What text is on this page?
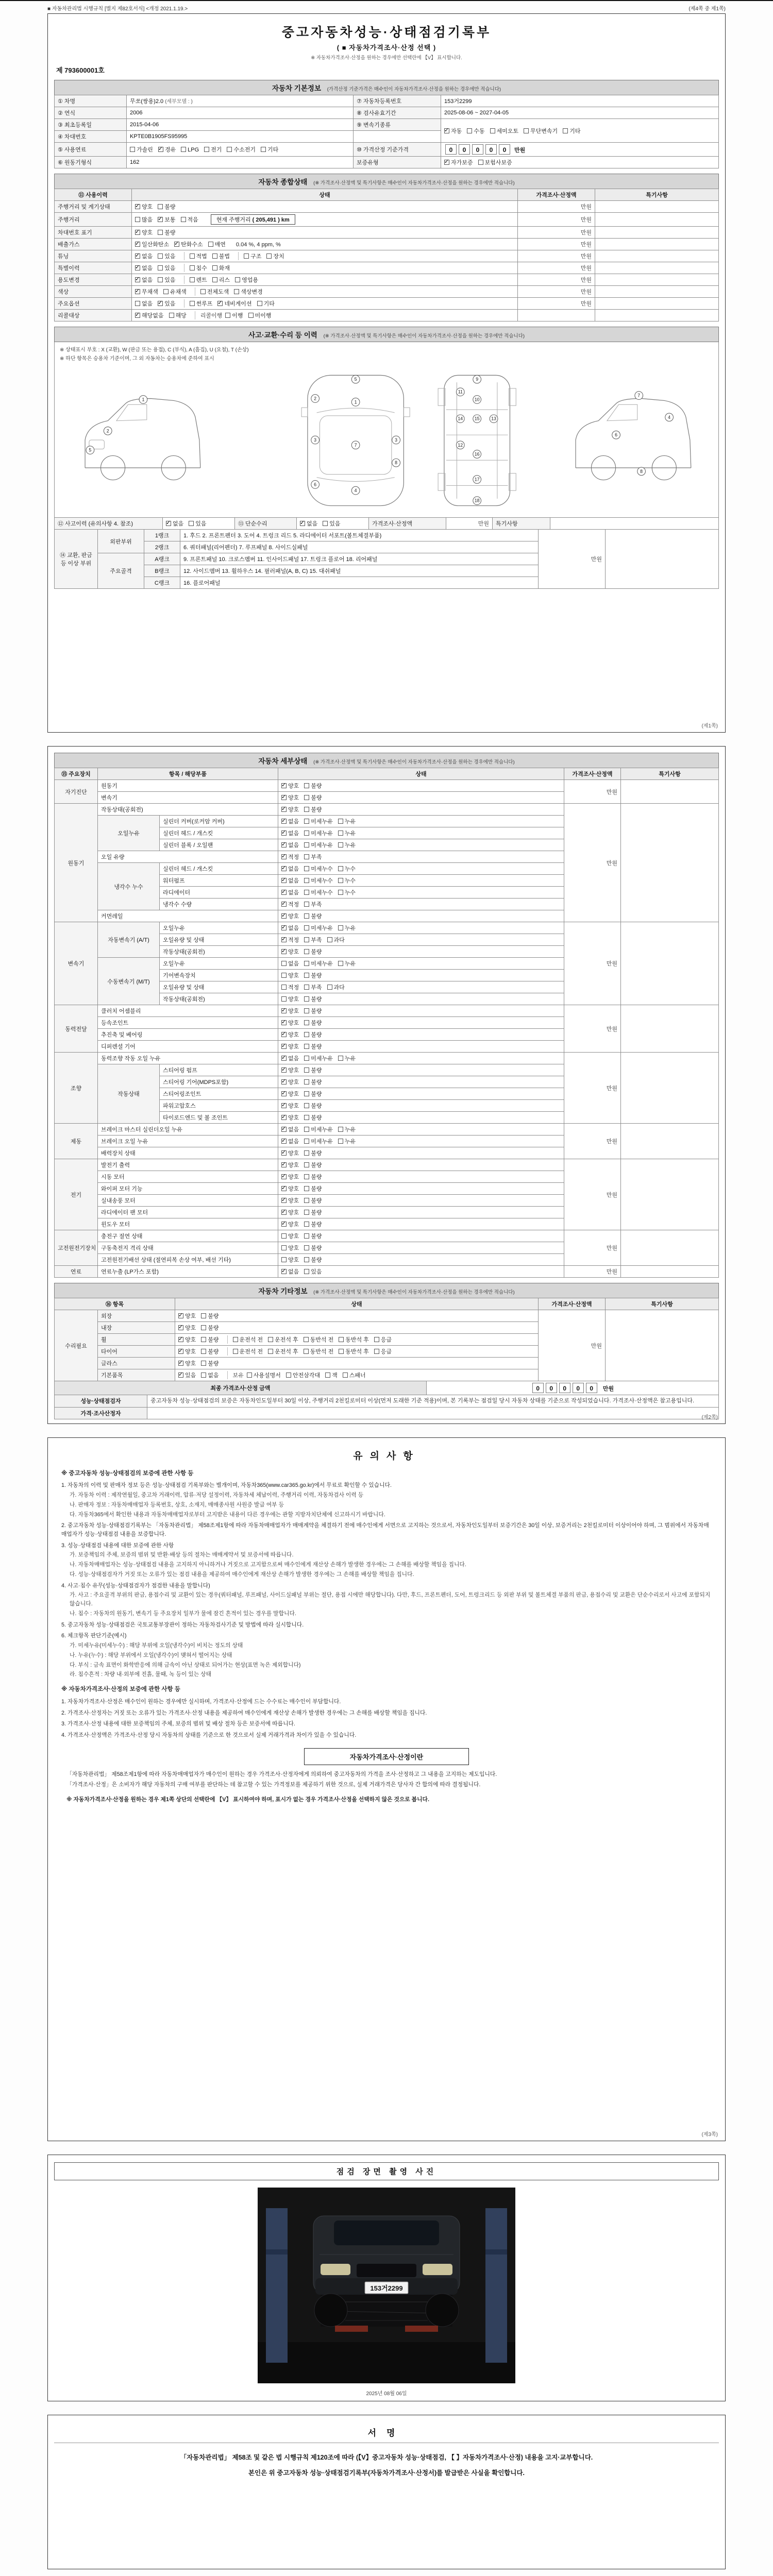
■ 자동차관리법 시행규칙 [별지 제82호서식] <개정 2021.1.19.>	(제4쪽 중 제1쪽)
중고자동차성능·상태점검기록부
( ■ 자동차가격조사·산정 선택 )
※ 자동차가격조사·산정을 원하는 경우에만 선택란에 【V】 표시합니다.
제 793600001호
자동차 기본정보 (가격산정 기준가격은 매수인이 자동차가격조사·산정을 원하는 경우에만 적습니다)
① 차명	무쏘(쌍용)2.0 (세부모델 : )	⑦ 자동차등록번호	153거2299
② 연식	2006	⑧ 검사유효기간	2025-08-06 ~ 2027-04-05
③ 최초등록일	2015-04-06	⑨ 변속기종류	✓자동 수동 세미오토 무단변속기 기타
④ 차대번호	KPTE0B1905FS95995		
⑤ 사용연료	가솔린 ✓ 경유 LPG 전기 수소전기 기타	⑩ 가격산정 기준가격	0 0 0 0 0 만원
⑥ 원동기형식	162	보증유형	✓자가보증 보험사보증
자동차 종합상태 (※ 가격조사·산정액 및 특기사항은 매수인이 자동차가격조사·산정을 원하는 경우에만 적습니다)
⑪ 사용이력	상태	가격조사·산정액	특기사항
주행거리 및 계기상태	✓양호 불량	만원	
주행거리	많음 ✓ 보통 적음 현재 주행거리 ( 205,491 ) km	만원	
차대번호 표기	✓양호 불량	만원	
배출가스	✓일산화탄소 ✓ 탄화수소 매연 0.04 %, 4 ppm, %	만원	
튜닝	✓없음 있음 적법 불법 구조 장치	만원	
특별이력	✓없음 있음 침수 화재	만원	
용도변경	✓없음 있음 렌트 리스 영업용	만원	
색상	✓무채색 유채색 전체도색 색상변경	만원	
주요옵션	없음 ✓ 있음 썬루프 ✓ 네비게이션 기타	만원	
리콜대상	✓해당없음 해당 리콜이행 이행 미이행		
사고·교환·수리 등 이력 (※ 가격조사·산정액 및 특기사항은 매수인이 자동차가격조사·산정을 원하는 경우에만 적습니다)
※ 상태표시 부호 : X (교환), W (판금 또는 용접), C (부식), A (흠집), U (요철), T (손상)
※ 하단 항목은 승용차 기준이며, 그 외 자동차는 승용차에 준하여 표시
5
1
2
3	3
7
6
4
8
9
10
11
14	15	13
12
16
17
18
1
2
5
7
4
6
8
⑫ 사고이력 (유의사항 4. 참조)	✓없음 있음	⑬ 단순수리	✓없음 있음	가격조사·산정액	만원	특기사항	
⑭ 교환, 판금 등 이상 부위	외판부위	1랭크	1. 후드 2. 프론트펜더 3. 도어 4. 트렁크 리드 5. 라디에이터 서포트(볼트체결부품)	만원	
		2랭크	6. 쿼터패널(리어펜더) 7. 루프패널 8. 사이드실패널		
	주요골격	A랭크	9. 프론트패널 10. 크로스멤버 11. 인사이드패널 17. 트렁크 플로어 18. 리어패널		
		B랭크	12. 사이드멤버 13. 휠하우스 14. 필러패널(A, B, C) 15. 대쉬패널		
		C랭크	16. 플로어패널		
(제1쪽)
자동차 세부상태 (※ 가격조사·산정액 및 특기사항은 매수인이 자동차가격조사·산정을 원하는 경우에만 적습니다)
⑮ 주요장치	항목 / 해당부품		상태	가격조사·산정액	특기사항
자기진단	원동기	✓양호 불량	만원	
	변속기	✓양호 불량
원동기	작동상태(공회전)	✓양호 불량	만원	
	오일누유	실린더 커버(로커암 커버)	✓없음 미세누유 누유
		실린더 헤드 / 개스킷	✓없음 미세누유 누유
		실린더 블록 / 오일팬	✓없음 미세누유 누유
	오일 유량	✓적정 부족
	냉각수 누수	실린더 헤드 / 개스킷	✓없음 미세누수 누수
		워터펌프	✓없음 미세누수 누수
		라디에이터	✓없음 미세누수 누수
		냉각수 수량	✓적정 부족
	커먼레일	✓양호 불량
변속기	자동변속기 (A/T)	오일누유	✓없음 미세누유 누유	만원	
		오일유량 및 상태	✓적정 부족 과다
		작동상태(공회전)	✓양호 불량
	수동변속기 (M/T)	오일누유	없음 미세누유 누유		
		기어변속장치	양호 불량		
		오일유량 및 상태	적정 부족 과다		
		작동상태(공회전)	양호 불량		
동력전달	클러치 어셈블리	✓양호 불량	만원	
	등속조인트	✓양호 불량
	추진축 및 베어링	✓양호 불량
	디퍼렌셜 기어	✓양호 불량
조향	동력조향 작동 오일 누유	✓없음 미세누유 누유	만원	
	작동상태	스티어링 펌프	✓양호 불량
		스티어링 기어(MDPS포함)	✓양호 불량
		스티어링조인트	✓양호 불량
		파워고압호스	✓양호 불량
		타이로드엔드 및 볼 조인트	✓양호 불량
제동	브레이크 마스터 실린더오일 누유	✓없음 미세누유 누유	만원	
	브레이크 오일 누유	✓없음 미세누유 누유
	배력장치 상태	✓양호 불량
전기	발전기 출력	✓양호 불량	만원	
	시동 모터	✓양호 불량
	와이퍼 모터 기능	✓양호 불량
	실내송풍 모터	✓양호 불량
	라디에이터 팬 모터	✓양호 불량
	윈도우 모터	✓양호 불량
고전원전기장치	충전구 절연 상태		양호 불량	만원	
	구동축전지 격리 상태		양호 불량		
	고전원전기배선 상태 (절연피복 손상 여부, 배선 기타)		양호 불량		
연료	연료누출 (LP가스 포함)	✓없음 있음	만원	
자동차 기타정보 (※ 가격조사·산정액 및 특기사항은 매수인이 자동차가격조사·산정을 원하는 경우에만 적습니다)
⑯ 항목		상태	가격조사·산정액	특기사항
수리필요	외장	✓양호 불량	만원	
	내장	✓양호 불량
	휠	✓양호 불량 운전석 전 운전석 후 동반석 전 동반석 후 응급
	타이어	✓양호 불량 운전석 전 운전석 후 동반석 전 동반석 후 응급
	글라스	✓양호 불량
	기본품목	✓있음 없음 보유 사용설명서 안전삼각대 잭 스패너
최종 가격조사·산정 금액	0 0 0 0 0 만원
성능·상태점검자	중고자동차 성능·상태점검의 보증은 자동차인도일부터 30일 이상, 주행거리 2천킬로미터 이상(먼저 도래한 기준 적용)이며, 본 기록부는 점검일 당시 자동차 상태를 기준으로 작성되었습니다. 가격조사·산정액은 참고용입니다.
가격·조사산정자	
(제2쪽)
유의사항
※ 중고자동차 성능·상태점검의 보증에 관한 사항 등
1. 자동차의 이력 및 판매자 정보 등은 성능·상태점검 기록부와는 별개이며, 자동차365(www.car365.go.kr)에서 무료로 확인할 수 있습니다.
가. 자동차 이력 : 제작연월일, 중고차 거래이력, 압류·저당 설정이력, 자동차세 체납이력, 주행거리 이력, 자동차검사 이력 등
나. 판매자 정보 : 자동차매매업자 등록번호, 상호, 소재지, 매매종사원 사원증 발급 여부 등
다. 자동차365에서 확인한 내용과 자동차매매업자로부터 고지받은 내용이 다른 경우에는 관할 지방자치단체에 신고하시기 바랍니다.
2. 중고자동차 성능·상태점검기록부는 「자동차관리법」 제58조제1항에 따라 자동차매매업자가 매매계약을 체결하기 전에 매수인에게 서면으로 고지하는 것으로서, 자동차인도일부터 보증기간은 30일 이상, 보증거리는 2천킬로미터 이상이어야 하며, 그 범위에서 자동차매매업자가 성능·상태점검 내용을 보증합니다.
3. 성능·상태점검 내용에 대한 보증에 관한 사항
가. 보증책임의 주체, 보증의 범위 및 반환·배상 등의 절차는 매매계약서 및 보증서에 따릅니다.
나. 자동차매매업자는 성능·상태점검 내용을 고지하지 아니하거나 거짓으로 고지함으로써 매수인에게 재산상 손해가 발생한 경우에는 그 손해를 배상할 책임을 집니다.
다. 성능·상태점검자가 거짓 또는 오류가 있는 점검 내용을 제공하여 매수인에게 재산상 손해가 발생한 경우에는 그 손해를 배상할 책임을 집니다.
4. 사고·침수 유무(성능·상태점검자가 점검한 내용을 말합니다)
가. 사고 : 주요골격 부위의 판금, 용접수리 및 교환이 있는 경우(쿼터패널, 루프패널, 사이드실패널 부위는 절단, 용접 시에만 해당합니다). 다만, 후드, 프론트펜더, 도어, 트렁크리드 등 외판 부위 및 볼트체결 부품의 판금, 용접수리 및 교환은 단순수리로서 사고에 포함되지 않습니다.
나. 침수 : 자동차의 원동기, 변속기 등 주요장치 일부가 물에 잠긴 흔적이 있는 경우를 말합니다.
5. 중고자동차 성능·상태점검은 국토교통부장관이 정하는 자동차검사기준 및 방법에 따라 실시합니다.
6. 체크항목 판단기준(예시)
가. 미세누유(미세누수) : 해당 부위에 오일(냉각수)이 비치는 정도의 상태
나. 누유(누수) : 해당 부위에서 오일(냉각수)이 맺혀서 떨어지는 상태
다. 부식 : 금속 표면이 화학반응에 의해 금속이 아닌 상태로 되어가는 현상(표면 녹은 제외합니다)
라. 침수흔적 : 차량 내·외부에 진흙, 물때, 녹 등이 있는 상태
※ 자동차가격조사·산정의 보증에 관한 사항 등
1. 자동차가격조사·산정은 매수인이 원하는 경우에만 실시하며, 가격조사·산정에 드는 수수료는 매수인이 부담합니다.
2. 가격조사·산정자는 거짓 또는 오류가 있는 가격조사·산정 내용을 제공하여 매수인에게 재산상 손해가 발생한 경우에는 그 손해를 배상할 책임을 집니다.
3. 가격조사·산정 내용에 대한 보증책임의 주체, 보증의 범위 및 배상 절차 등은 보증서에 따릅니다.
4. 가격조사·산정액은 가격조사·산정 당시 자동차의 상태를 기준으로 한 것으로서 실제 거래가격과 차이가 있을 수 있습니다.
자동차가격조사·산정이란
「자동차관리법」 제58조제1항에 따라 자동차매매업자가 매수인이 원하는 경우 가격조사·산정자에게 의뢰하여 중고자동차의 가격을 조사·산정하고 그 내용을 고지하는 제도입니다.
「가격조사·산정」은 소비자가 해당 자동차의 구매 여부를 판단하는 데 참고할 수 있는 가격정보를 제공하기 위한 것으로, 실제 거래가격은 당사자 간 합의에 따라 결정됩니다.
※ 자동차가격조사·산정을 원하는 경우 제1쪽 상단의 선택란에 【V】 표시하여야 하며, 표시가 없는 경우 가격조사·산정을 선택하지 않은 것으로 봅니다.
(제3쪽)
점검 장면 촬영 사진
153거2299
2025년 08월 06일
서명
「자동차관리법」 제58조 및 같은 법 시행규칙 제120조에 따라 (【V】중고자동차 성능·상태점검, 【 】자동차가격조사·산정) 내용을 고지·교부합니다.
본인은 위 중고자동차 성능·상태점검기록부(자동차가격조사·산정서)를 발급받은 사실을 확인합니다.
